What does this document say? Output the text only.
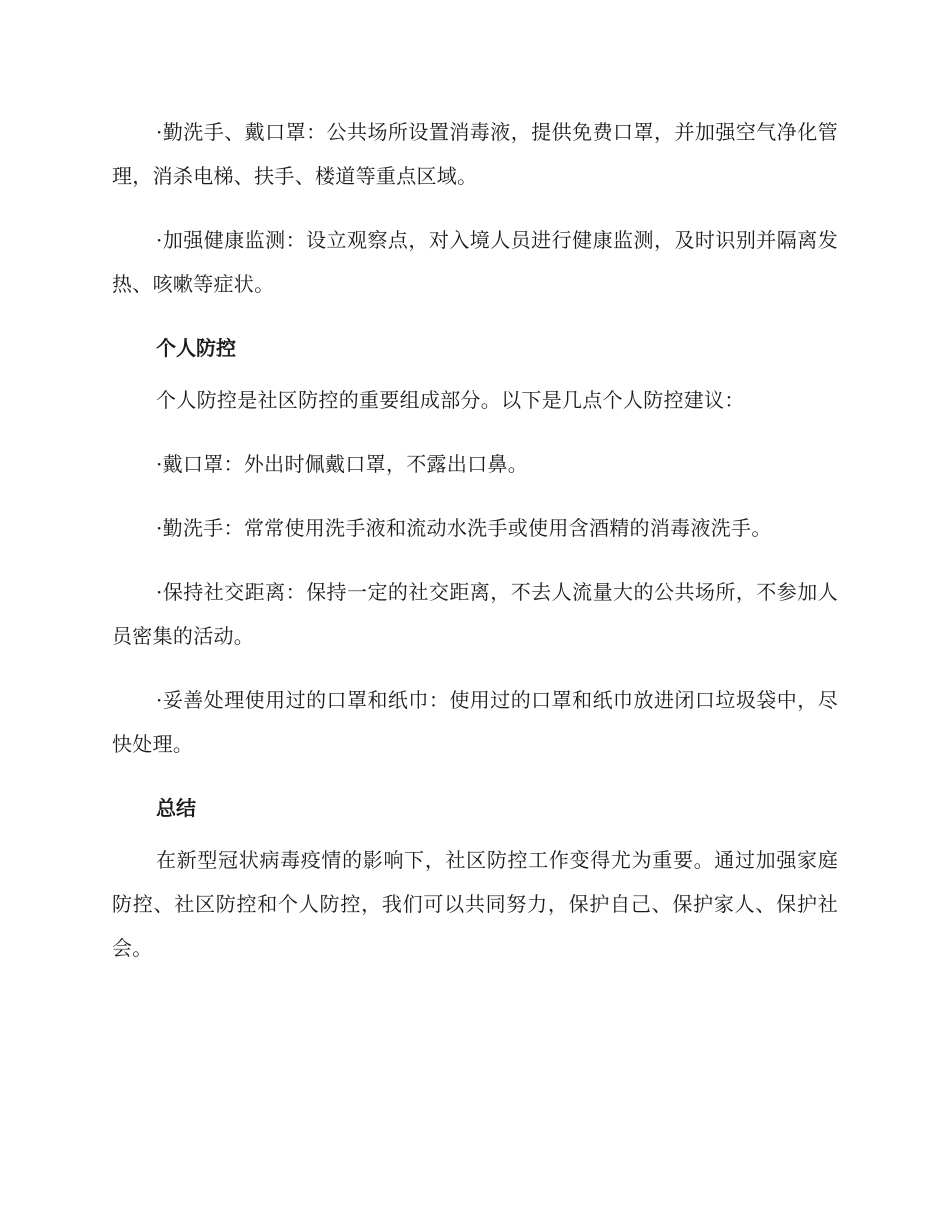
·勤洗手、戴口罩：公共场所设置消毒液，提供免费口罩，并加强空气净化管理，消杀电梯、扶手、楼道等重点区域。

·加强健康监测：设立观察点，对入境人员进行健康监测，及时识别并隔离发热、咳嗽等症状。

个人防控

个人防控是社区防控的重要组成部分。以下是几点个人防控建议：

·戴口罩：外出时佩戴口罩，不露出口鼻。

·勤洗手：常常使用洗手液和流动水洗手或使用含酒精的消毒液洗手。

·保持社交距离：保持一定的社交距离，不去人流量大的公共场所，不参加人员密集的活动。

·妥善处理使用过的口罩和纸巾：使用过的口罩和纸巾放进闭口垃圾袋中，尽快处理。

总结

在新型冠状病毒疫情的影响下，社区防控工作变得尤为重要。通过加强家庭防控、社区防控和个人防控，我们可以共同努力，保护自己、保护家人、保护社会。
